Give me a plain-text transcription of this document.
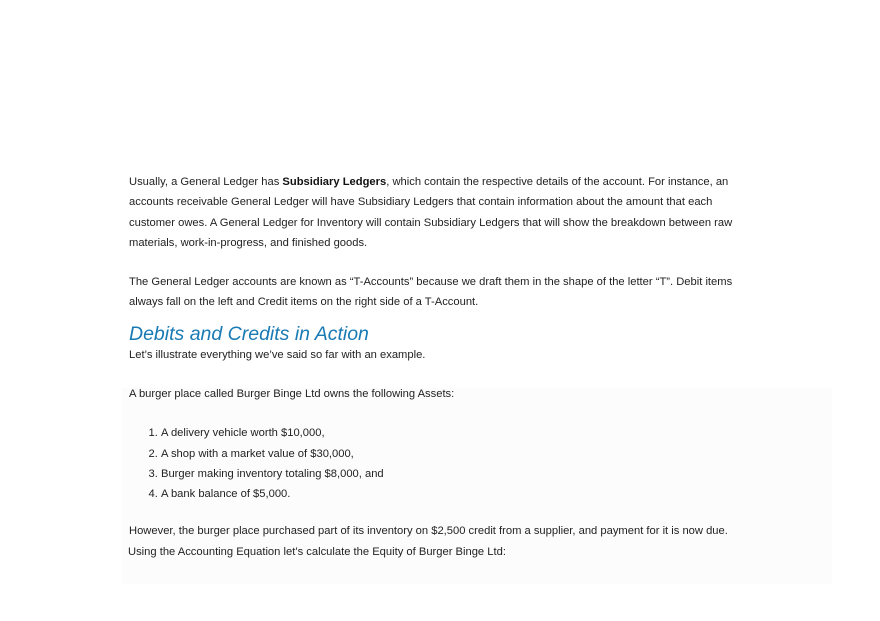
Usually, a General Ledger has Subsidiary Ledgers, which contain the respective details of the account. For instance, an accounts receivable General Ledger will have Subsidiary Ledgers that contain information about the amount that each customer owes. A General Ledger for Inventory will contain Subsidiary Ledgers that will show the breakdown between raw materials, work-in-progress, and finished goods.

The General Ledger accounts are known as “T-Accounts” because we draft them in the shape of the letter “T”. Debit items always fall on the left and Credit items on the right side of a T-Account.

Debits and Credits in Action

Let’s illustrate everything we’ve said so far with an example.

A burger place called Burger Binge Ltd owns the following Assets:

1. A delivery vehicle worth $10,000,
2. A shop with a market value of $30,000,
3. Burger making inventory totaling $8,000, and
4. A bank balance of $5,000.

However, the burger place purchased part of its inventory on $2,500 credit from a supplier, and payment for it is now due.

Using the Accounting Equation let’s calculate the Equity of Burger Binge Ltd:
